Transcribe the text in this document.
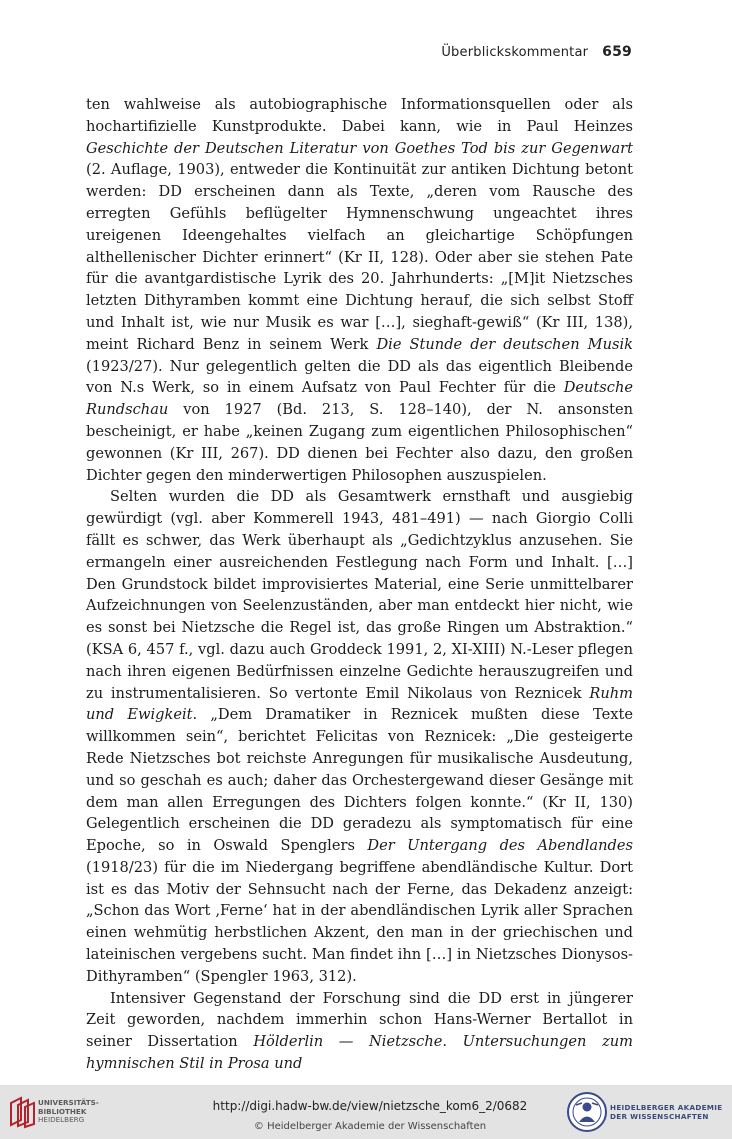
Überblickskommentar 659

ten wahlweise als autobiographische Informationsquellen oder als hochartifizielle Kunstprodukte. Dabei kann, wie in Paul Heinzes Geschichte der Deutschen Literatur von Goethes Tod bis zur Gegenwart (2. Auflage, 1903), entweder die Kontinuität zur antiken Dichtung betont werden: DD erscheinen dann als Texte, „deren vom Rausche des erregten Gefühls beflügelter Hymnenschwung ungeachtet ihres ureigenen Ideengehaltes vielfach an gleichartige Schöpfungen althellenischer Dichter erinnert“ (Kr II, 128). Oder aber sie stehen Pate für die avantgardistische Lyrik des 20. Jahrhunderts: „[M]it Nietzsches letzten Dithyramben kommt eine Dichtung herauf, die sich selbst Stoff und Inhalt ist, wie nur Musik es war […], sieghaft-gewiß“ (Kr III, 138), meint Richard Benz in seinem Werk Die Stunde der deutschen Musik (1923/27). Nur gelegentlich gelten die DD als das eigentlich Bleibende von N.s Werk, so in einem Aufsatz von Paul Fechter für die Deutsche Rundschau von 1927 (Bd. 213, S. 128–140), der N. ansonsten bescheinigt, er habe „keinen Zugang zum eigentlichen Philosophischen“ gewonnen (Kr III, 267). DD dienen bei Fechter also dazu, den großen Dichter gegen den minderwertigen Philosophen auszuspielen.

Selten wurden die DD als Gesamtwerk ernsthaft und ausgiebig gewürdigt (vgl. aber Kommerell 1943, 481–491) — nach Giorgio Colli fällt es schwer, das Werk überhaupt als „Gedichtzyklus anzusehen. Sie ermangeln einer ausreichenden Festlegung nach Form und Inhalt. […] Den Grundstock bildet improvisiertes Material, eine Serie unmittelbarer Aufzeichnungen von Seelenzuständen, aber man entdeckt hier nicht, wie es sonst bei Nietzsche die Regel ist, das große Ringen um Abstraktion.“ (KSA 6, 457 f., vgl. dazu auch Groddeck 1991, 2, XI-XIII) N.-Leser pflegen nach ihren eigenen Bedürfnissen einzelne Gedichte herauszugreifen und zu instrumentalisieren. So vertonte Emil Nikolaus von Reznicek Ruhm und Ewigkeit. „Dem Dramatiker in Reznicek mußten diese Texte willkommen sein“, berichtet Felicitas von Reznicek: „Die gesteigerte Rede Nietzsches bot reichste Anregungen für musikalische Ausdeutung, und so geschah es auch; daher das Orchestergewand dieser Gesänge mit dem man allen Erregungen des Dichters folgen konnte.“ (Kr II, 130) Gelegentlich erscheinen die DD geradezu als symptomatisch für eine Epoche, so in Oswald Spenglers Der Untergang des Abendlandes (1918/23) für die im Niedergang begriffene abendländische Kultur. Dort ist es das Motiv der Sehnsucht nach der Ferne, das Dekadenz anzeigt: „Schon das Wort ‚Ferne‘ hat in der abendländischen Lyrik aller Sprachen einen wehmütig herbstlichen Akzent, den man in der griechischen und lateinischen vergebens sucht. Man findet ihn […] in Nietzsches Dionysos-Dithyramben“ (Spengler 1963, 312).

Intensiver Gegenstand der Forschung sind die DD erst in jüngerer Zeit geworden, nachdem immerhin schon Hans-Werner Bertallot in seiner Dissertation Hölderlin — Nietzsche. Untersuchungen zum hymnischen Stil in Prosa und

UNIVERSITÄTS-
BIBLIOTHEK
HEIDELBERG
http://digi.hadw-bw.de/view/nietzsche_kom6_2/0682
© Heidelberger Akademie der Wissenschaften
HEIDELBERGER AKADEMIE
DER WISSENSCHAFTEN
